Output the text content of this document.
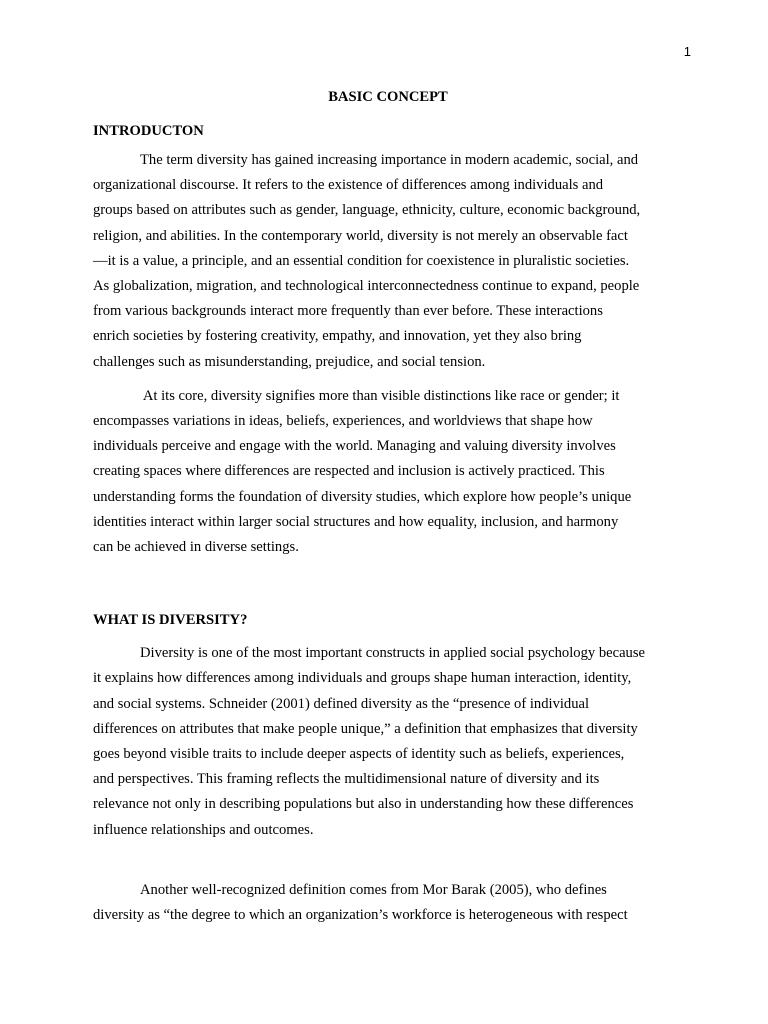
1

BASIC CONCEPT

INTRODUCTON

The term diversity has gained increasing importance in modern academic, social, and
organizational discourse. It refers to the existence of differences among individuals and
groups based on attributes such as gender, language, ethnicity, culture, economic background,
religion, and abilities. In the contemporary world, diversity is not merely an observable fact
—it is a value, a principle, and an essential condition for coexistence in pluralistic societies.
As globalization, migration, and technological interconnectedness continue to expand, people
from various backgrounds interact more frequently than ever before. These interactions
enrich societies by fostering creativity, empathy, and innovation, yet they also bring
challenges such as misunderstanding, prejudice, and social tension.
At its core, diversity signifies more than visible distinctions like race or gender; it
encompasses variations in ideas, beliefs, experiences, and worldviews that shape how
individuals perceive and engage with the world. Managing and valuing diversity involves
creating spaces where differences are respected and inclusion is actively practiced. This
understanding forms the foundation of diversity studies, which explore how people’s unique
identities interact within larger social structures and how equality, inclusion, and harmony
can be achieved in diverse settings.

WHAT IS DIVERSITY?

Diversity is one of the most important constructs in applied social psychology because
it explains how differences among individuals and groups shape human interaction, identity,
and social systems. Schneider (2001) defined diversity as the “presence of individual
differences on attributes that make people unique,” a definition that emphasizes that diversity
goes beyond visible traits to include deeper aspects of identity such as beliefs, experiences,
and perspectives. This framing reflects the multidimensional nature of diversity and its
relevance not only in describing populations but also in understanding how these differences
influence relationships and outcomes.
Another well-recognized definition comes from Mor Barak (2005), who defines
diversity as “the degree to which an organization’s workforce is heterogeneous with respect
